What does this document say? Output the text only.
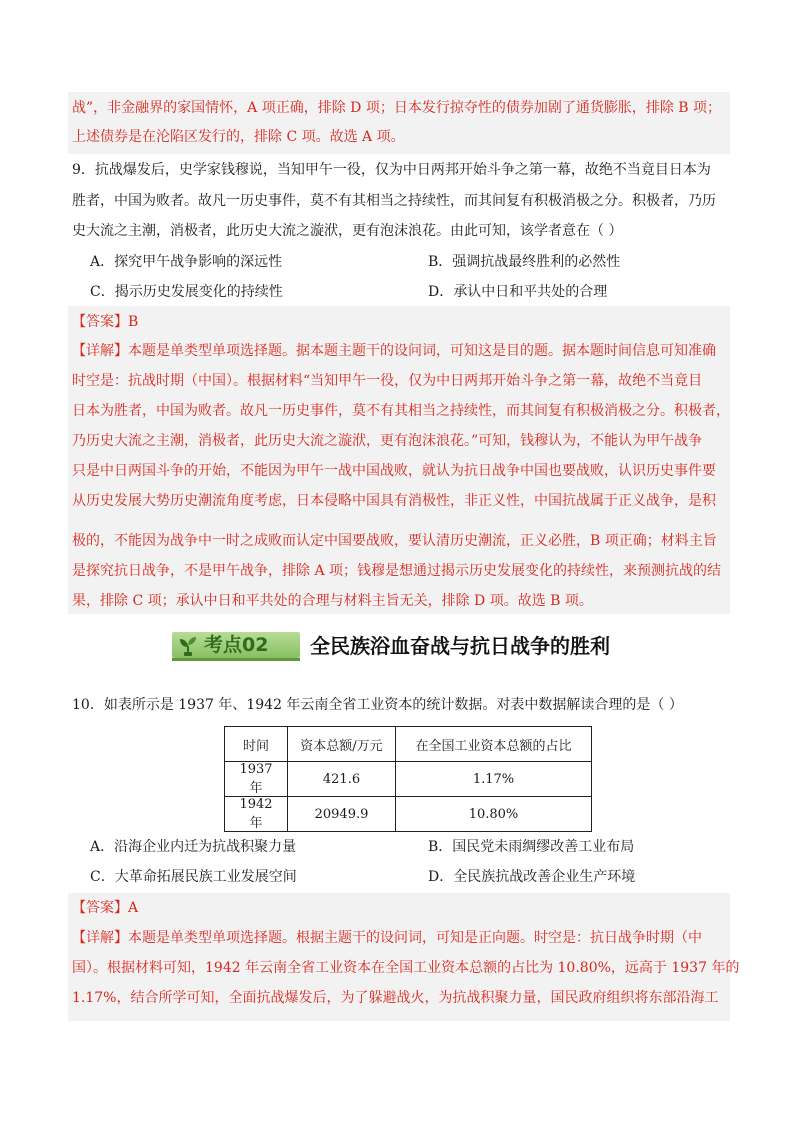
战”，非金融界的家国情怀，A 项正确，排除 D 项；日本发行掠夺性的债券加剧了通货膨胀，排除 B 项；
上述债券是在沦陷区发行的，排除 C 项。故选 A 项。
9．抗战爆发后，史学家钱穆说，当知甲午一役，仅为中日两邦开始斗争之第一幕，故绝不当竟目日本为
胜者，中国为败者。故凡一历史事件，莫不有其相当之持续性，而其间复有积极消极之分。积极者，乃历
史大流之主潮，消极者，此历史大流之漩洑，更有泡沫浪花。由此可知，该学者意在（ ）
A．探究甲午战争影响的深远性	B．强调抗战最终胜利的必然性
C．揭示历史发展变化的持续性	D．承认中日和平共处的合理
【答案】B
【详解】本题是单类型单项选择题。据本题主题干的设问词，可知这是目的题。据本题时间信息可知准确
时空是：抗战时期（中国）。根据材料“当知甲午一役，仅为中日两邦开始斗争之第一幕，故绝不当竟目
日本为胜者，中国为败者。故凡一历史事件，莫不有其相当之持续性，而其间复有积极消极之分。积极者，
乃历史大流之主潮，消极者，此历史大流之漩洑，更有泡沫浪花。”可知，钱穆认为，不能认为甲午战争
只是中日两国斗争的开始，不能因为甲午一战中国战败，就认为抗日战争中国也要战败，认识历史事件要
从历史发展大势历史潮流角度考虑，日本侵略中国具有消极性，非正义性，中国抗战属于正义战争，是积
极的，不能因为战争中一时之成败而认定中国要战败，要认清历史潮流，正义必胜，B 项正确；材料主旨
是探究抗日战争，不是甲午战争，排除 A 项；钱穆是想通过揭示历史发展变化的持续性，来预测抗战的结
果，排除 C 项；承认中日和平共处的合理与材料主旨无关，排除 D 项。故选 B 项。
考点02 全民族浴血奋战与抗日战争的胜利
10．如表所示是 1937 年、1942 年云南全省工业资本的统计数据。对表中数据解读合理的是（ ）
时间	资本总额/万元	在全国工业资本总额的占比
1937 年	421.6	1.17%
1942 年	20949.9	10.80%
A．沿海企业内迁为抗战积聚力量	B．国民党未雨绸缪改善工业布局
C．大革命拓展民族工业发展空间	D．全民族抗战改善企业生产环境
【答案】A
【详解】本题是单类型单项选择题。根据主题干的设问词，可知是正向题。时空是：抗日战争时期（中
国）。根据材料可知，1942 年云南全省工业资本在全国工业资本总额的占比为 10.80%，远高于 1937 年的
1.17%，结合所学可知，全面抗战爆发后，为了躲避战火，为抗战积聚力量，国民政府组织将东部沿海工
